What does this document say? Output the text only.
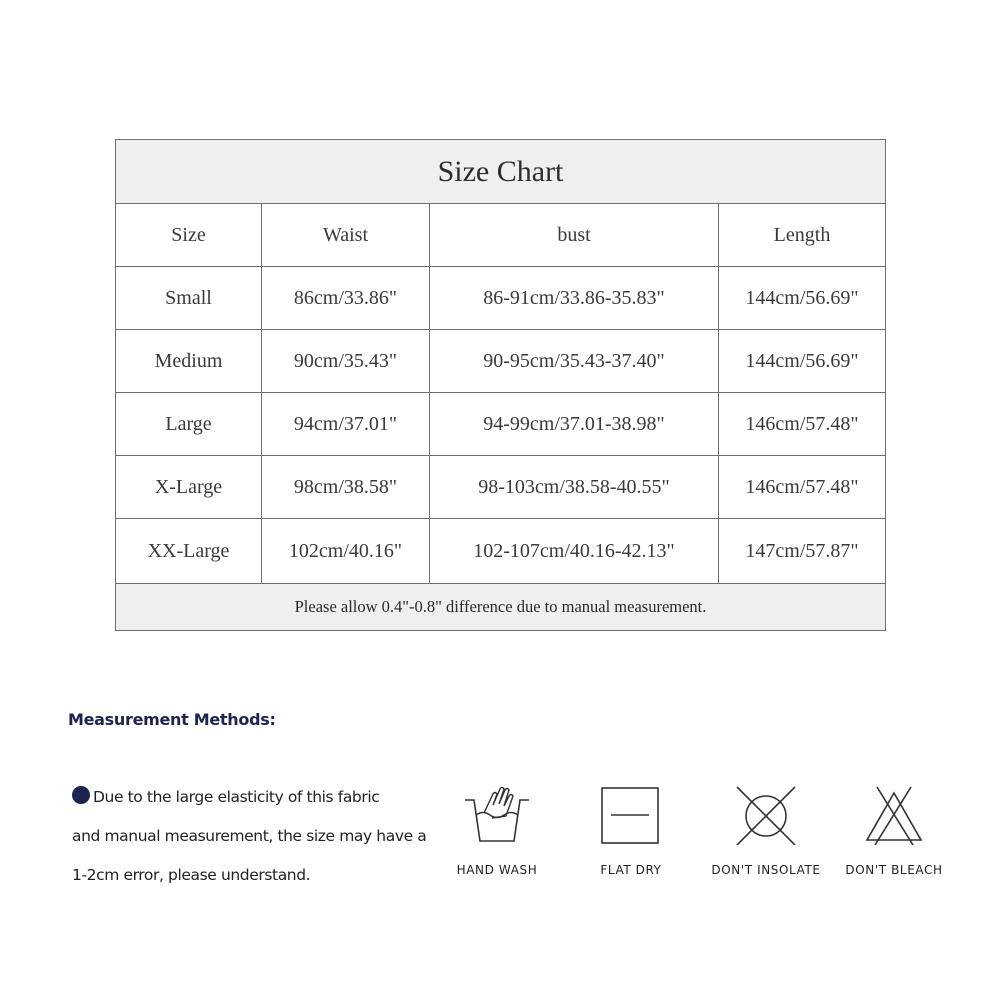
Size Chart
Size	Waist	bust	Length
Small	86cm/33.86"	86-91cm/33.86-35.83"	144cm/56.69"
Medium	90cm/35.43"	90-95cm/35.43-37.40"	144cm/56.69"
Large	94cm/37.01"	94-99cm/37.01-38.98"	146cm/57.48"
X-Large	98cm/38.58"	98-103cm/38.58-40.55"	146cm/57.48"
XX-Large	102cm/40.16"	102-107cm/40.16-42.13"	147cm/57.87"
Please allow 0.4"-0.8" difference due to manual measurement.
Measurement Methods:
Due to the large elasticity of this fabric
and manual measurement, the size may have a
1-2cm error, please understand.	HAND WASH	FLAT DRY	DON'T INSOLATE DON'T BLEACH
